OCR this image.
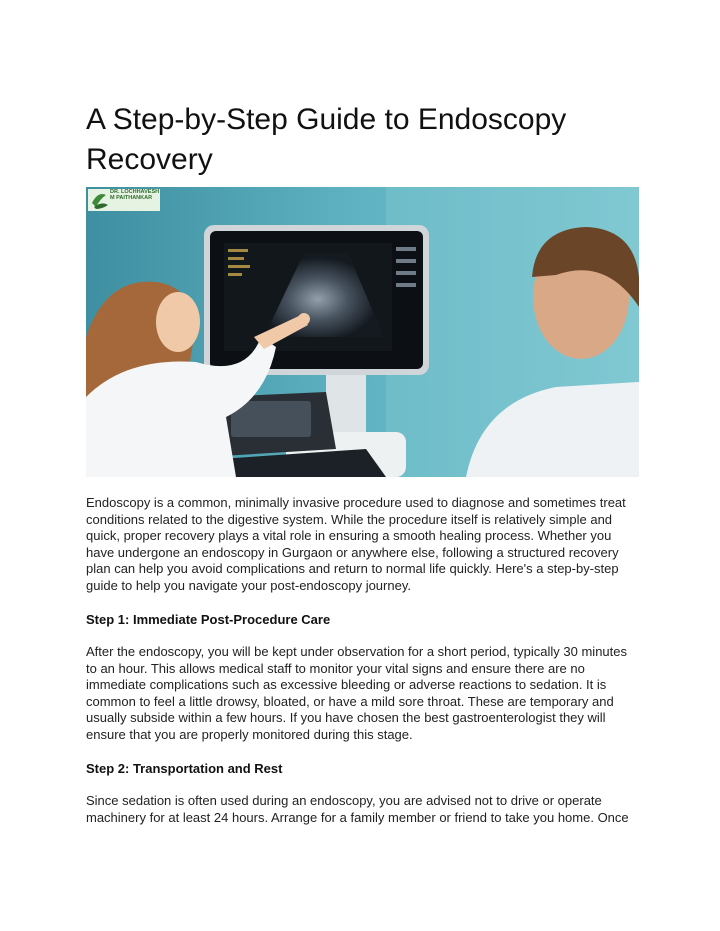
A Step-by-Step Guide to Endoscopy Recovery
DR. LOCHHAVESH
M PAITHANKAR

Endoscopy is a common, minimally invasive procedure used to diagnose and sometimes treat conditions related to the digestive system. While the procedure itself is relatively simple and quick, proper recovery plays a vital role in ensuring a smooth healing process. Whether you have undergone an endoscopy in Gurgaon or anywhere else, following a structured recovery plan can help you avoid complications and return to normal life quickly. Here's a step-by-step guide to help you navigate your post-endoscopy journey.

Step 1: Immediate Post-Procedure Care

After the endoscopy, you will be kept under observation for a short period, typically 30 minutes to an hour. This allows medical staff to monitor your vital signs and ensure there are no immediate complications such as excessive bleeding or adverse reactions to sedation. It is common to feel a little drowsy, bloated, or have a mild sore throat. These are temporary and usually subside within a few hours. If you have chosen the best gastroenterologist they will ensure that you are properly monitored during this stage.

Step 2: Transportation and Rest

Since sedation is often used during an endoscopy, you are advised not to drive or operate machinery for at least 24 hours. Arrange for a family member or friend to take you home. Once
